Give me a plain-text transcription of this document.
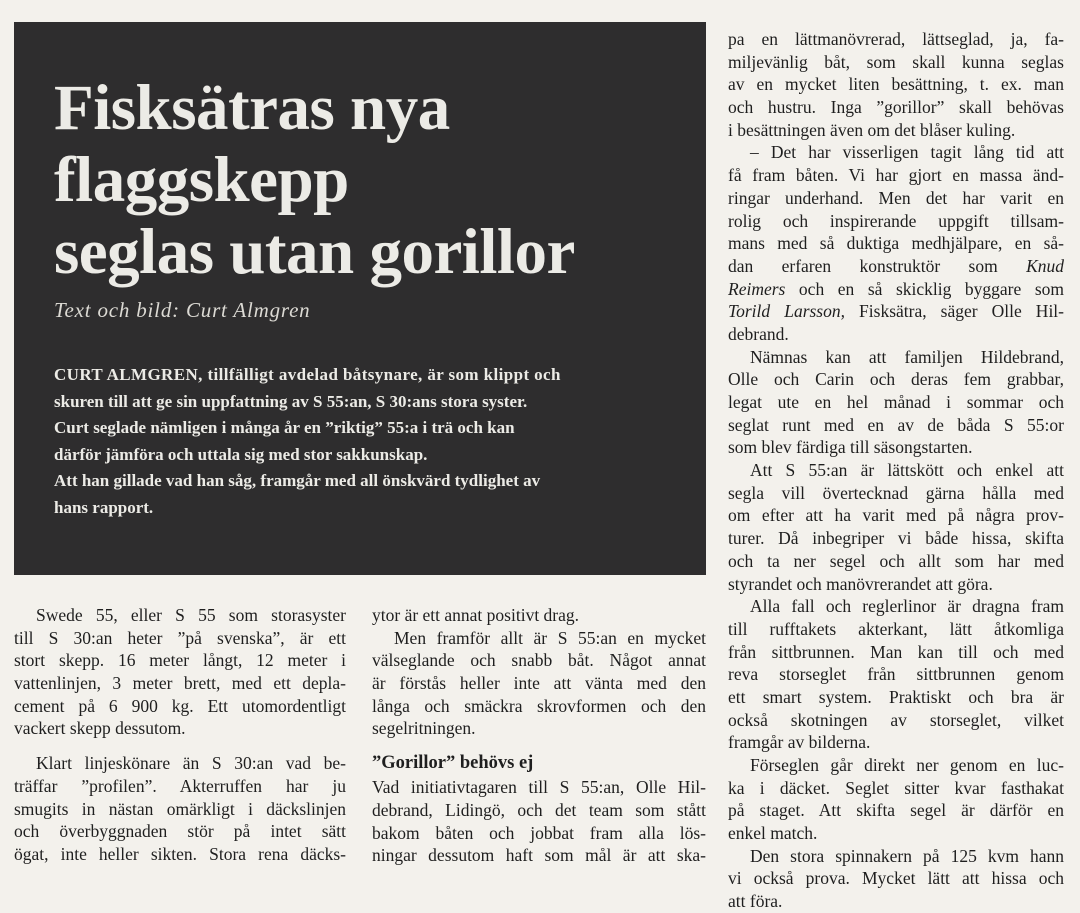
Fisksätras nya
flaggskepp
seglas utan gorillor
Text och bild: Curt Almgren

CURT ALMGREN, tillfälligt avdelad båtsynare, är som klippt och

skuren till att ge sin uppfattning av S 55:an, S 30:ans stora syster.

Curt seglade nämligen i många år en ”riktig” 55:a i trä och kan

därför jämföra och uttala sig med stor sakkunskap.

Att han gillade vad han såg, framgår med all önskvärd tydlighet av

hans rapport.

Swede 55, eller S 55 som storasyster
till S 30:an heter ”på svenska”, är ett
stort skepp. 16 meter långt, 12 meter i
vattenlinjen, 3 meter brett, med ett depla-
cement på 6 900 kg. Ett utomordentligt
vackert skepp dessutom.
Klart linjeskönare än S 30:an vad be-
träffar ”profilen”. Akterruffen har ju
smugits in nästan omärkligt i däckslinjen
och överbyggnaden stör på intet sätt
ögat, inte heller sikten. Stora rena däcks-
ytor är ett annat positivt drag.
Men framför allt är S 55:an en mycket
välseglande och snabb båt. Något annat
är förstås heller inte att vänta med den
långa och smäckra skrovformen och den
segelritningen.
”Gorillor” behövs ej
Vad initiativtagaren till S 55:an, Olle Hil-
debrand, Lidingö, och det team som stått
bakom båten och jobbat fram alla lös-
ningar dessutom haft som mål är att ska-
pa en lättmanövrerad, lättseglad, ja, fa-
miljevänlig båt, som skall kunna seglas
av en mycket liten besättning, t. ex. man
och hustru. Inga ”gorillor” skall behövas
i besättningen även om det blåser kuling.
– Det har visserligen tagit lång tid att
få fram båten. Vi har gjort en massa änd-
ringar underhand. Men det har varit en
rolig och inspirerande uppgift tillsam-
mans med så duktiga medhjälpare, en så-
dan erfaren konstruktör som Knud
Reimers och en så skicklig byggare som
Torild Larsson, Fisksätra, säger Olle Hil-
debrand.
Nämnas kan att familjen Hildebrand,
Olle och Carin och deras fem grabbar,
legat ute en hel månad i sommar och
seglat runt med en av de båda S 55:or
som blev färdiga till säsongstarten.
Att S 55:an är lättskött och enkel att
segla vill övertecknad gärna hålla med
om efter att ha varit med på några prov-
turer. Då inbegriper vi både hissa, skifta
och ta ner segel och allt som har med
styrandet och manövrerandet att göra.
Alla fall och reglerlinor är dragna fram
till rufftakets akterkant, lätt åtkomliga
från sittbrunnen. Man kan till och med
reva storseglet från sittbrunnen genom
ett smart system. Praktiskt och bra är
också skotningen av storseglet, vilket
framgår av bilderna.
Förseglen går direkt ner genom en luc-
ka i däcket. Seglet sitter kvar fasthakat
på staget. Att skifta segel är därför en
enkel match.
Den stora spinnakern på 125 kvm hann
vi också prova. Mycket lätt att hissa och
att föra.
